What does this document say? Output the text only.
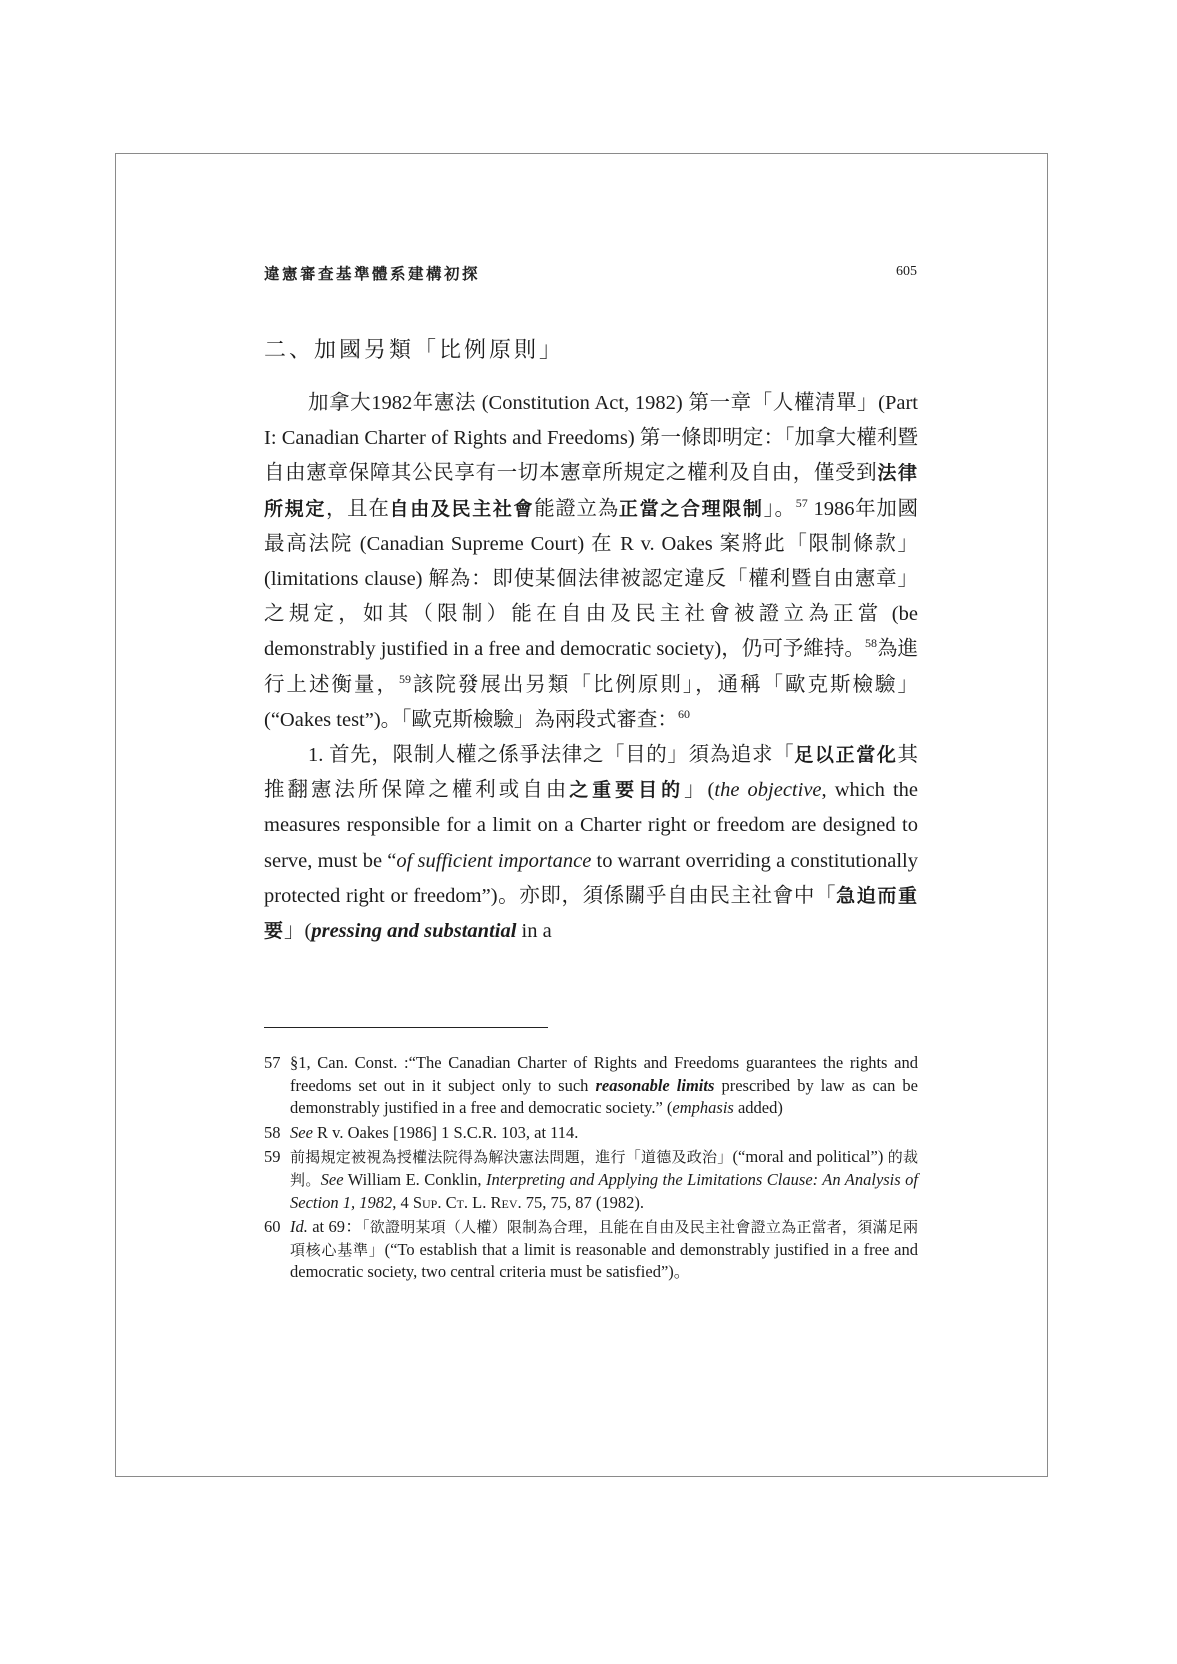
違憲審查基準體系建構初探	605
二、加國另類「比例原則」

加拿大1982年憲法 (Constitution Act, 1982) 第一章「人權清單」(Part I: Canadian Charter of Rights and Freedoms) 第一條即明定：「加拿大權利暨自由憲章保障其公民享有一切本憲章所規定之權利及自由，僅受到法律所規定，且在自由及民主社會能證立為正當之合理限制」。$^{57}$ 1986年加國最高法院 (Canadian Supreme Court) 在 R v. Oakes 案將此「限制條款」(limitations clause) 解為：即使某個法律被認定違反「權利暨自由憲章」之規定，如其（限制）能在自由及民主社會被證立為正當 (be demonstrably justified in a free and democratic society)，仍可予維持。$^{58}$為進行上述衡量，$^{59}$該院發展出另類「比例原則」，通稱「歐克斯檢驗」(“Oakes test”)。「歐克斯檢驗」為兩段式審查：$^{60}$

1. 首先，限制人權之係爭法律之「目的」須為追求「足以正當化其推翻憲法所保障之權利或自由之重要目的」(the objective, which the measures responsible for a limit on a Charter right or freedom are designed to serve, must be “of sufficient importance to warrant overriding a constitutionally protected right or freedom”)。亦即，須係關乎自由民主社會中「急迫而重要」(pressing and substantial in a

57 §1, Can. Const. :“The Canadian Charter of Rights and Freedoms guarantees the rights and freedoms set out in it subject only to such reasonable limits prescribed by law as can be demonstrably justified in a free and democratic society.” (emphasis added)
58 See R v. Oakes [1986] 1 S.C.R. 103, at 114.
59 前揭規定被視為授權法院得為解決憲法問題，進行「道德及政治」(“moral and political”) 的裁判。See William E. Conklin, Interpreting and Applying the Limitations Clause: An Analysis of Section 1, 1982, 4 Sup. Ct. L. Rev. 75, 75, 87 (1982).
60 Id. at 69：「欲證明某項（人權）限制為合理，且能在自由及民主社會證立為正當者，須滿足兩項核心基準」(“To establish that a limit is reasonable and demonstrably justified in a free and democratic society, two central criteria must be satisfied”)。
